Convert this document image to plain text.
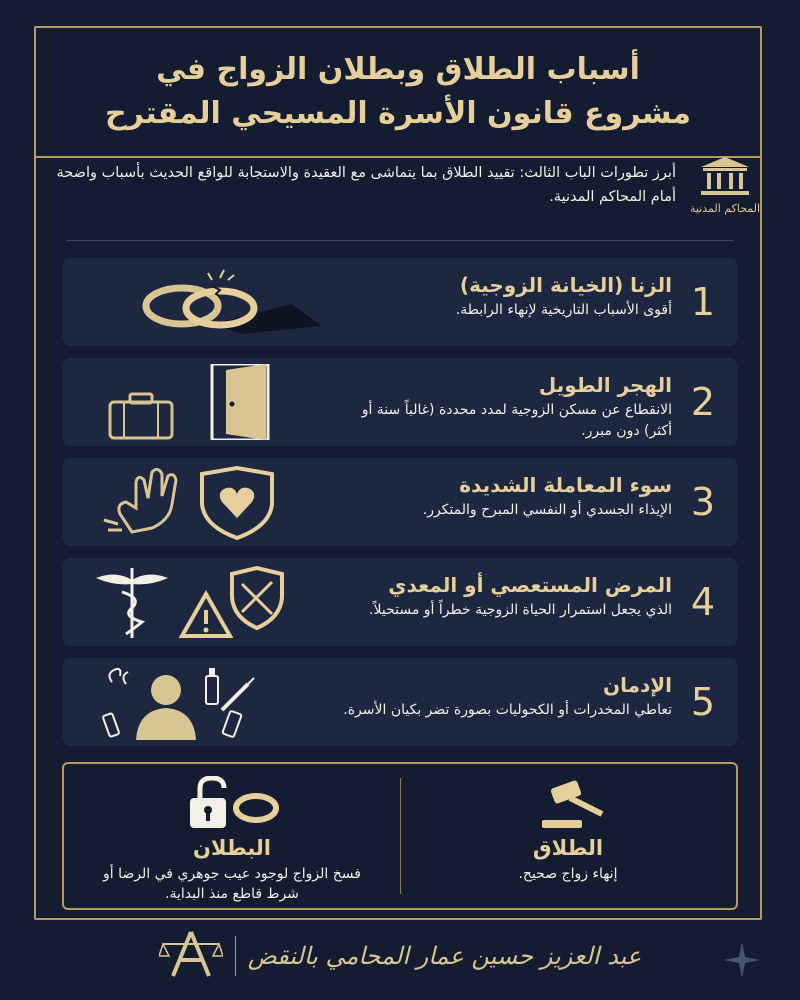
أسباب الطلاق وبطلان الزواج في
مشروع قانون الأسرة المسيحي المقترح
المحاكم المدنية
أبرز تطورات الباب الثالث: تقييد الطلاق بما يتماشى مع العقيدة والاستجابة للواقع الحديث بأسباب واضحة أمام المحاكم المدنية.
1
الزنا (الخيانة الزوجية)
أقوى الأسباب التاريخية لإنهاء الرابطة.
2
الهجر الطويل
الانقطاع عن مسكن الزوجية لمدد محددة (غالباً سنة أو أكثر) دون مبرر.
3
سوء المعاملة الشديدة
الإيذاء الجسدي أو النفسي المبرح والمتكرر.
4
المرض المستعصي أو المعدي
الذي يجعل استمرار الحياة الزوجية خطراً أو مستحيلاً.
5
الإدمان
تعاطي المخدرات أو الكحوليات بصورة تضر بكيان الأسرة.
الطلاق
إنهاء زواج صحيح.
البطلان
فسخ الزواج لوجود عيب جوهري في الرضا أو شرط قاطع منذ البداية.
عبد العزيز حسين عمار المحامي بالنقض
